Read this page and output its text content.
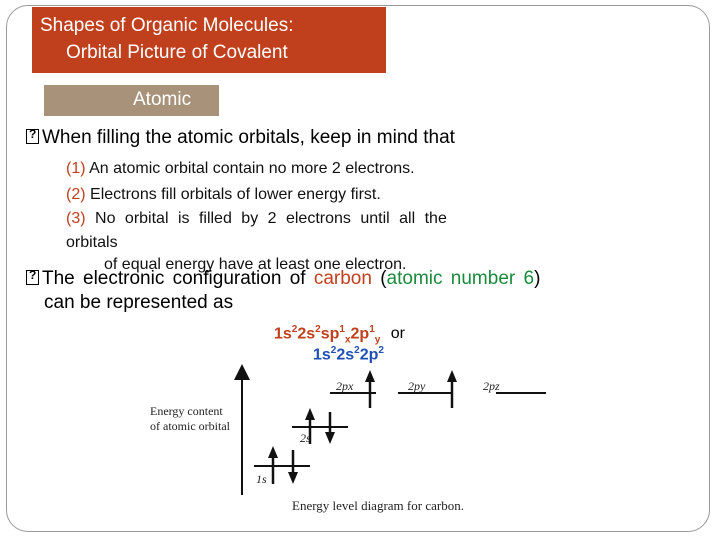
Shapes of Organic Molecules:
Orbital Picture of Covalent
Atomic
?When filling the atomic orbitals, keep in mind that
(1) An atomic orbital contain no more 2 electrons.
(2) Electrons fill orbitals of lower energy first.
(3) No orbital is filled by 2 electrons until all the
orbitals
of equal energy have at least one electron.
?The electronic configuration of carbon (atomic number 6)
can be represented as
$1s^22s^2sp^1_x2p^1_y$ or
$1s^22s^22p^2$
Energy content
of atomic orbital
1s
2s
2px	2py	2pz
Energy level diagram for carbon.
